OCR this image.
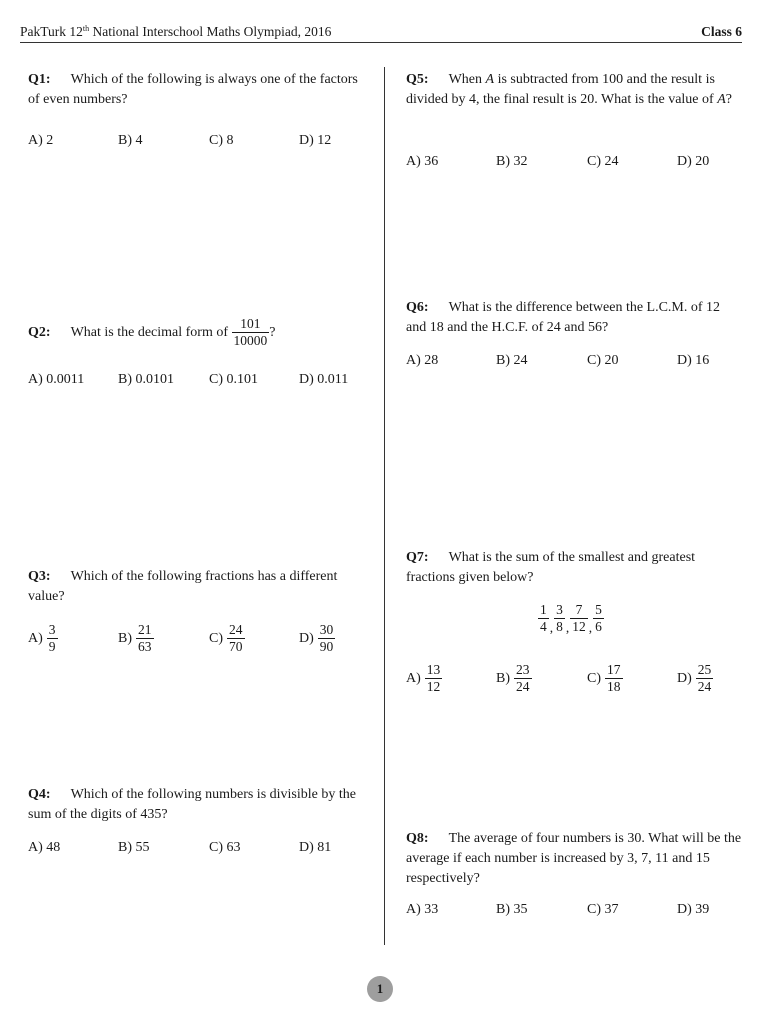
PakTurk 12th National Interschool Maths Olympiad, 2016	Class 6
Q1: Which of the following is always one of the factors of even numbers?
A) 2	B) 4	C) 8	D) 12
Q2: What is the decimal form of $\frac{101}{10000}$ ?
A) 0.0011 B) 0.0101	C) 0.101	D) 0.011
Q3: Which of the following fractions has a different value?
$A) \frac{3}{9}$	$B) \frac{21}{63}$	$C) \frac{24}{70}$	$D) \frac{30}{90}$
Q4: Which of the following numbers is divisible by the sum of the digits of 435?
A) 48	B) 55	C) 63	D) 81
Q5: When A is subtracted from 100 and the result is divided by 4, the final result is 20. What is the value of A?
A) 36	B) 32	C) 24	D) 20
Q6: What is the difference between the L.C.M. of 12 and 18 and the H.C.F. of 24 and 56?
A) 28	B) 24	C) 20	D) 16
Q7: What is the sum of the smallest and greatest fractions given below?
$\frac{1}{4}$ , $\frac{3}{8}$ , $\frac{7}{12}$ , $\frac{5}{6}$
$A) \frac{13}{12}$	$B) \frac{23}{24}$	$C) \frac{17}{18}$	$D) \frac{25}{24}$
Q8: The average of four numbers is 30. What will be the average if each number is increased by 3, 7, 11 and 15 respectively?
A) 33	B) 35	C) 37	D) 39
1
